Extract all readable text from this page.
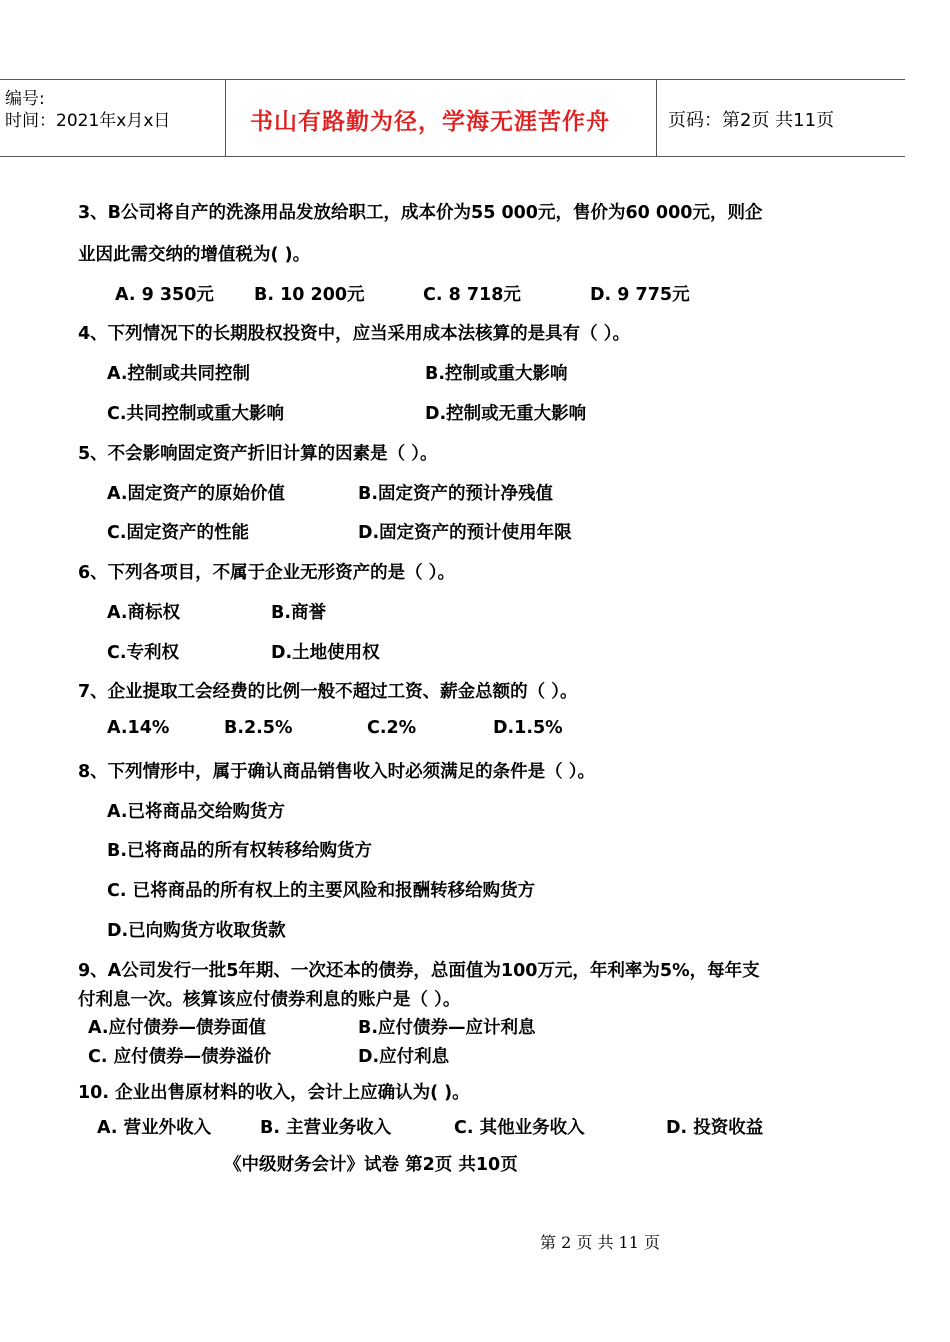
编号:
时间：2021年x月x日	书山有路勤为径，学海无涯苦作舟	页码：第2页 共11页
3、B公司将自产的洗涤用品发放给职工，成本价为55 000元，售价为60 000元，则企
业因此需交纳的增值税为( )。
A. 9 350元 B. 10 200元	C. 8 718元	D. 9 775元
4、下列情况下的长期股权投资中，应当采用成本法核算的是具有（ ）。
A.控制或共同控制	B.控制或重大影响
C.共同控制或重大影响	D.控制或无重大影响
5、不会影响固定资产折旧计算的因素是（ ）。
A.固定资产的原始价值	B.固定资产的预计净残值
C.固定资产的性能	D.固定资产的预计使用年限
6、下列各项目，不属于企业无形资产的是（ ）。
A.商标权	B.商誉
C.专利权	D.土地使用权
7、企业提取工会经费的比例一般不超过工资、薪金总额的（ ）。
A.14%	B.2.5%	C.2%	D.1.5%
8、下列情形中，属于确认商品销售收入时必须满足的条件是（ ）。
A.已将商品交给购货方
B.已将商品的所有权转移给购货方
C. 已将商品的所有权上的主要风险和报酬转移给购货方
D.已向购货方收取货款
9、A公司发行一批5年期、一次还本的债券，总面值为100万元，年利率为5%，每年支
付利息一次。核算该应付债券利息的账户是（ ）。
A.应付债券—债券面值	B.应付债券—应计利息
C. 应付债券—债券溢价	D.应付利息
10. 企业出售原材料的收入，会计上应确认为( )。
A. 营业外收入	B. 主营业务收入	C. 其他业务收入	D. 投资收益
《中级财务会计》试卷 第2页 共10页
第 2 页 共 11 页
